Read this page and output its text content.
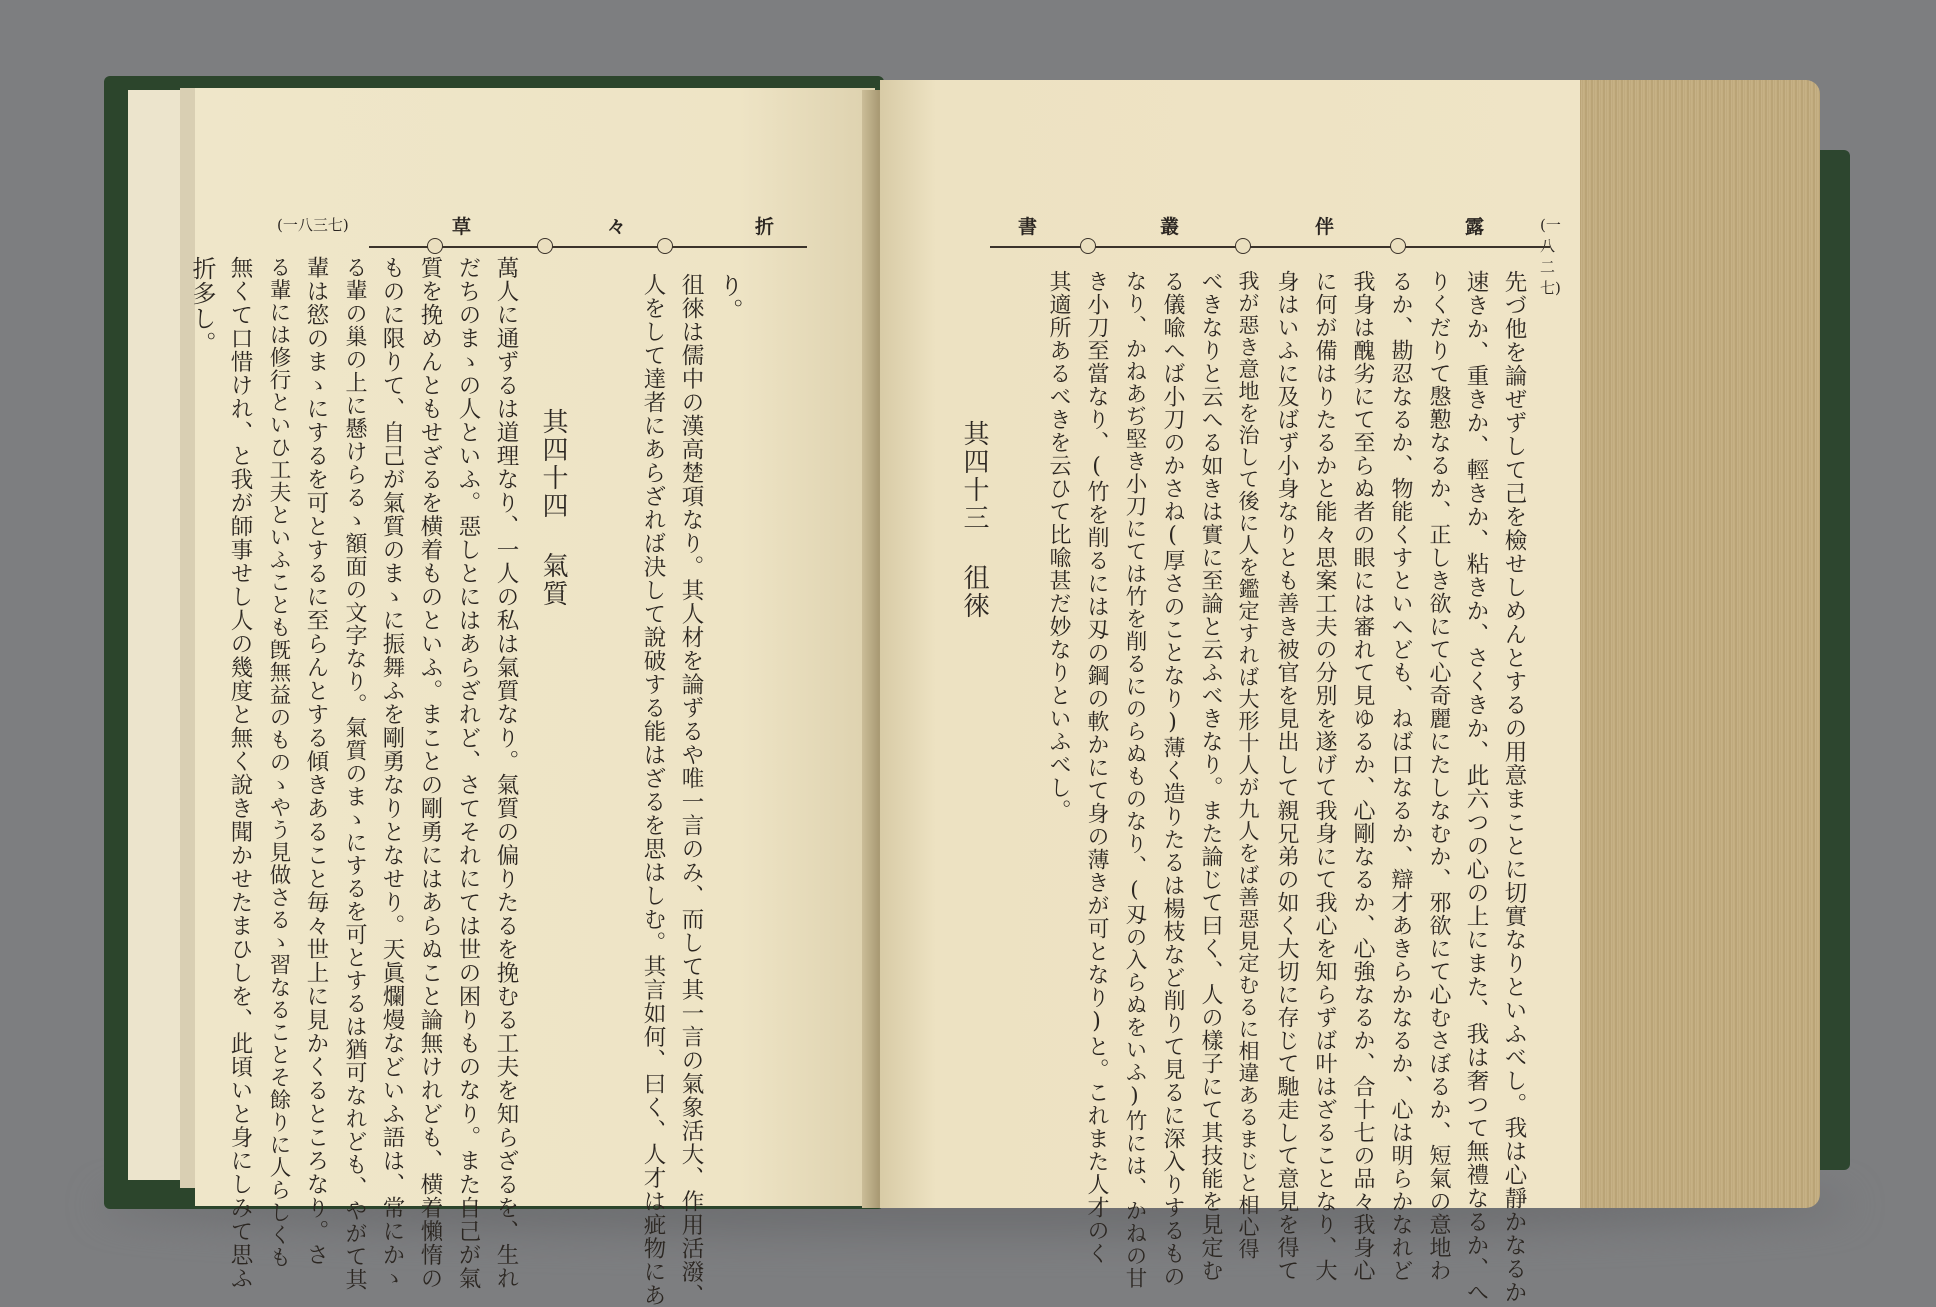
(一八三七)	草	々	折
り。
徂徠は儒中の漢高楚項なり。其人材を論ずるや唯一言のみ、而して其一言の氣象活大、作用活潑、
人をして達者にあらざれば決して說破する能はざるを思はしむ。其言如何、曰く、人才は疵物にあ
其四十四 氣質
萬人に通ずるは道理なり、一人の私は氣質なり。氣質の偏りたるを挽むる工夫を知らざるを、生れ
だちのまゝの人といふ。惡しとにはあらざれど、さてそれにては世の困りものなり。また自己が氣
質を挽めんともせざるを横着ものといふ。まことの剛勇にはあらぬこと論無けれども、横着懶惰の
ものに限りて、自己が氣質のまゝに振舞ふを剛勇なりとなせり。天眞爛熳などいふ語は、常にかゝ
る輩の巢の上に懸けらるゝ額面の文字なり。氣質のまゝにするを可とするは猶可なれども、やがて其
輩は慾のまゝにするを可とするに至らんとする傾きあること毎々世上に見かくるところなり。さ
る輩には修行といひ工夫といふことも旣無益のものゝやう見做さるゝ習なることそ餘りに人らしくも
無くて口惜けれ、と我が師事せし人の幾度と無く說き聞かせたまひしを、此頃いと身にしみて思ふ
折多し。
書	叢	伴	露	(一八二七)
先づ他を論ぜずして己を檢せしめんとするの用意まことに切實なりといふべし。我は心靜かなるか
速きか、重きか、輕きか、粘きか、さくきか、此六つの心の上にまた、我は奢つて無禮なるか、へ
りくだりて慇懃なるか、正しき欲にて心奇麗にたしなむか、邪欲にて心むさぼるか、短氣の意地わ
るか、勘忍なるか、物能くすといへども、ねば口なるか、辯才あきらかなるか、心は明らかなれど
我身は醜劣にて至らぬ者の眼には審れて見ゆるか、心剛なるか、心強なるか、合十七の品々我身心
に何が備はりたるかと能々思案工夫の分別を遂げて我身にて我心を知らずば叶はざることなり、大
身はいふに及ばず小身なりとも善き被官を見出して親兄弟の如く大切に存じて馳走して意見を得て
我が惡き意地を治して後に人を鑑定すれば大形十人が九人をば善惡見定むるに相違あるまじと相心得
べきなりと云へる如きは實に至論と云ふべきなり。また論じて曰く、人の樣子にて其技能を見定む
る儀喩へば小刀のかさね(厚さのことなり)薄く造りたるは楊枝など削りて見るに深入りするもの
なり、かねあぢ堅き小刀にては竹を削るにのらぬものなり、(刄の入らぬをいふ)竹には、かねの甘
き小刀至當なり、(竹を削るには刄の鋼の軟かにて身の薄きが可となり)と。これまた人才のく
其適所あるべきを云ひて比喩甚だ妙なりといふべし。
其四十三 徂徠
